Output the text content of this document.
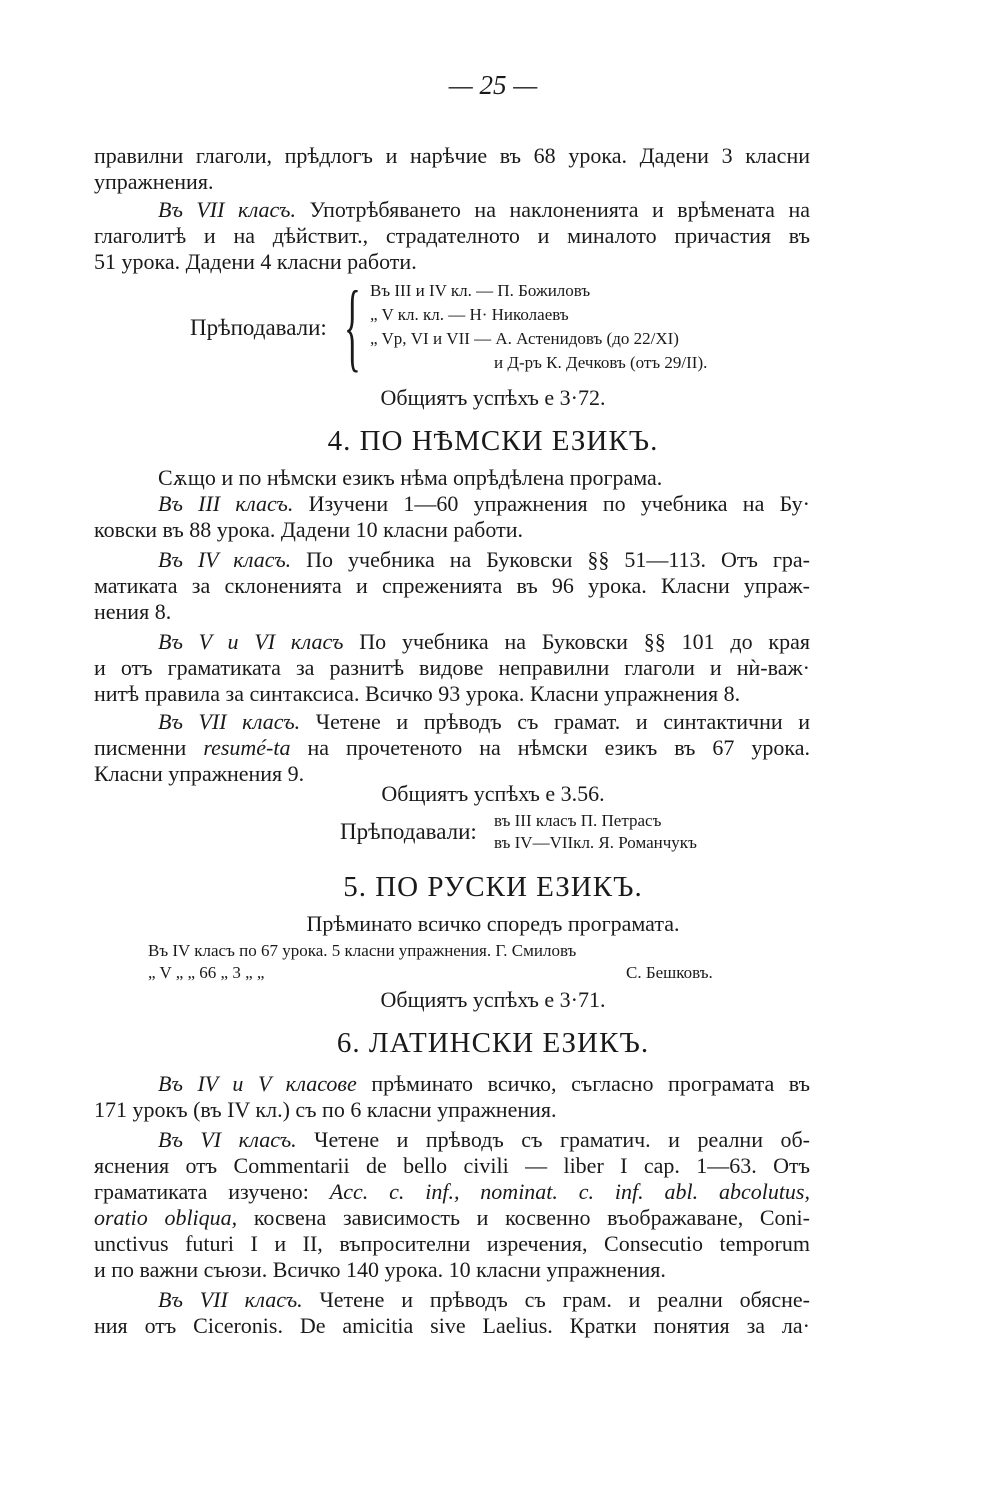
— 25 —
правилни глаголи, прѣдлогъ и нарѣчие въ 68 урока. Дадени 3 класни
упражнения.
Въ VII класъ. Употрѣбяването на наклоненията и врѣмената на
глаголитѣ и на дѣйствит., страдателното и миналото причастия въ
51 урока. Дадени 4 класни работи.
Прѣподавали: { Въ III и IV кл. — П. Божиловъ
„ V кл. кл. — Н· Николаевъ
„ Vр, VI и VII — А. Астенидовъ (до 22/XI)
и Д-ръ К. Дечковъ (отъ 29/II).
Общиятъ успѣхъ е 3·72.
4. ПО НѢМСКИ ЕЗИКЪ.
Сѫщо и по нѣмски езикъ нѣма опрѣдѣлена програма.
Въ III класъ. Изучени 1—60 упражнения по учебника на Бу·
ковски въ 88 урока. Дадени 10 класни работи.
Въ IV класъ. По учебника на Буковски §§ 51—113. Отъ гра-
матиката за склоненията и спреженията въ 96 урока. Класни упраж-
нения 8.
Въ V и VI класъ По учебника на Буковски §§ 101 до края
и отъ граматиката за разнитѣ видове неправилни глаголи и нѝ-важ·
нитѣ правила за синтаксиса. Всичко 93 урока. Класни упражнения 8.
Въ VII класъ. Четене и прѣводъ съ грамат. и синтактични и
писменни resumé-ta на прочетеното на нѣмски езикъ въ 67 урока.
Класни упражнения 9.
Общиятъ успѣхъ е 3.56.
Прѣподавали: въ III класъ П. Петрасъ
въ IV—VIIкл. Я. Романчукъ
5. ПО РУСКИ ЕЗИКЪ.
Прѣминато всичко споредъ програмата.
Въ IV класъ по 67 урока. 5 класни упражнения. Г. Смиловъ
„ V „ „ 66 „ 3 „ „	С. Бешковъ.
Общиятъ успѣхъ е 3·71.
6. ЛАТИНСКИ ЕЗИКЪ.
Въ IV и V класове прѣминато всичко, съгласно програмата въ
171 урокъ (въ IV кл.) съ по 6 класни упражнения.
Въ VI класъ. Четене и прѣводъ съ граматич. и реални об-
яснения отъ Commentarii de bello civili — liber I cap. 1—63. Отъ
граматиката изучено: Acc. c. inf., nominat. c. inf. abl. abcolutus,
oratio obliqua, косвена зависимость и косвенно въображаване, Coni-
unctivus futuri I и II, въпросителни изречения, Consecutio temporum
и по важни съюзи. Всичко 140 урока. 10 класни упражнения.
Въ VII класъ. Четене и прѣводъ съ грам. и реални обясне-
ния отъ Ciceronis. De amicitia sive Laelius. Кратки понятия за ла·
